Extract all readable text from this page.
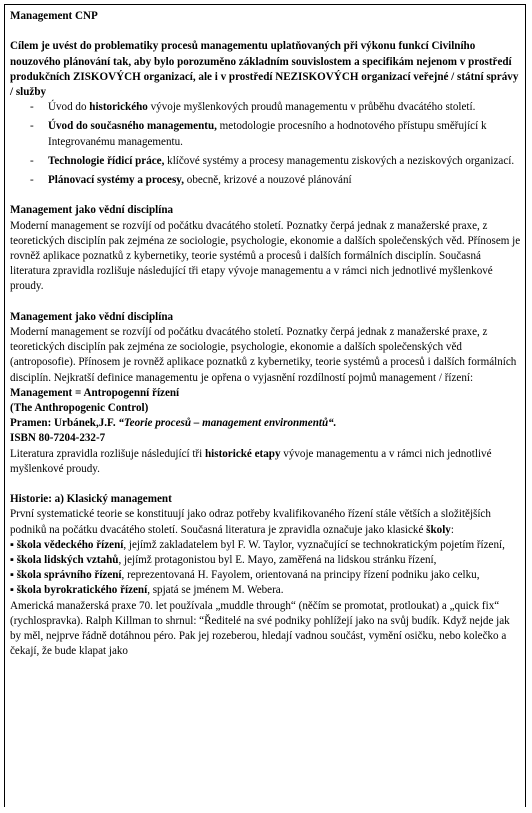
Management CNP
Cílem je uvést do problematiky procesů managementu uplatňovaných při výkonu funkcí Civilního nouzového plánování tak, aby bylo porozuměno základním souvislostem a specifikám nejenom v prostředí produkčních ZISKOVÝCH organizací, ale i v prostředí NEZISKOVÝCH organizací veřejné / státní správy / služby
- Úvod do historického vývoje myšlenkových proudů managementu v průběhu dvacátého století.
- Úvod do současného managementu, metodologie procesního a hodnotového přístupu směřující k Integrovanému managementu.
- Technologie řídicí práce, klíčové systémy a procesy managementu ziskových a neziskových organizací.
- Plánovací systémy a procesy, obecně, krizové a nouzové plánování
Management jako vědní disciplína
Moderní management se rozvíjí od počátku dvacátého století. Poznatky čerpá jednak z manažerské praxe, z teoretických disciplín pak zejména ze sociologie, psychologie, ekonomie a dalších společenských věd. Přínosem je rovněž aplikace poznatků z kybernetiky, teorie systémů a procesů i dalších formálních disciplín. Současná literatura zpravidla rozlišuje následující tři etapy vývoje managementu a v rámci nich jednotlivé myšlenkové proudy.
Management jako vědní disciplína
Moderní management se rozvíjí od počátku dvacátého století. Poznatky čerpá jednak z manažerské praxe, z teoretických disciplín pak zejména ze sociologie, psychologie, ekonomie a dalších společenských věd (antroposofie). Přínosem je rovněž aplikace poznatků z kybernetiky, teorie systémů a procesů i dalších formálních disciplín. Nejkratší definice managementu je opřena o vyjasnění rozdílností pojmů management / řízení:
Management = Antropogenní řízení
(The Anthropogenic Control)
Pramen: Urbánek,J.F. “Teorie procesů – management environmentů“.
ISBN 80-7204-232-7
Literatura zpravidla rozlišuje následující tři historické etapy vývoje managementu a v rámci nich jednotlivé myšlenkové proudy.
Historie: a) Klasický management
První systematické teorie se konstituují jako odraz potřeby kvalifikovaného řízení stále větších a složitějších podniků na počátku dvacátého století. Současná literatura je zpravidla označuje jako klasické školy:
▪ škola vědeckého řízení, jejímž zakladatelem byl F. W. Taylor, vyznačující se technokratickým pojetím řízení,
▪ škola lidských vztahů, jejímž protagonistou byl E. Mayo, zaměřená na lidskou stránku řízení,
▪ škola správního řízení, reprezentovaná H. Fayolem, orientovaná na principy řízení podniku jako celku,
▪ škola byrokratického řízení, spjatá se jménem M. Webera.
Americká manažerská praxe 70. let používala „muddle through“ (něčím se promotat, protloukat) a „quick fix“ (rychlospravka). Ralph Killman to shrnul: “Ředitelé na své podniky pohlížejí jako na svůj budík. Když nejde jak by měl, nejprve řádně dotáhnou péro. Pak jej rozeberou, hledají vadnou součást, vymění osičku, nebo kolečko a čekají, že bude klapat jako
